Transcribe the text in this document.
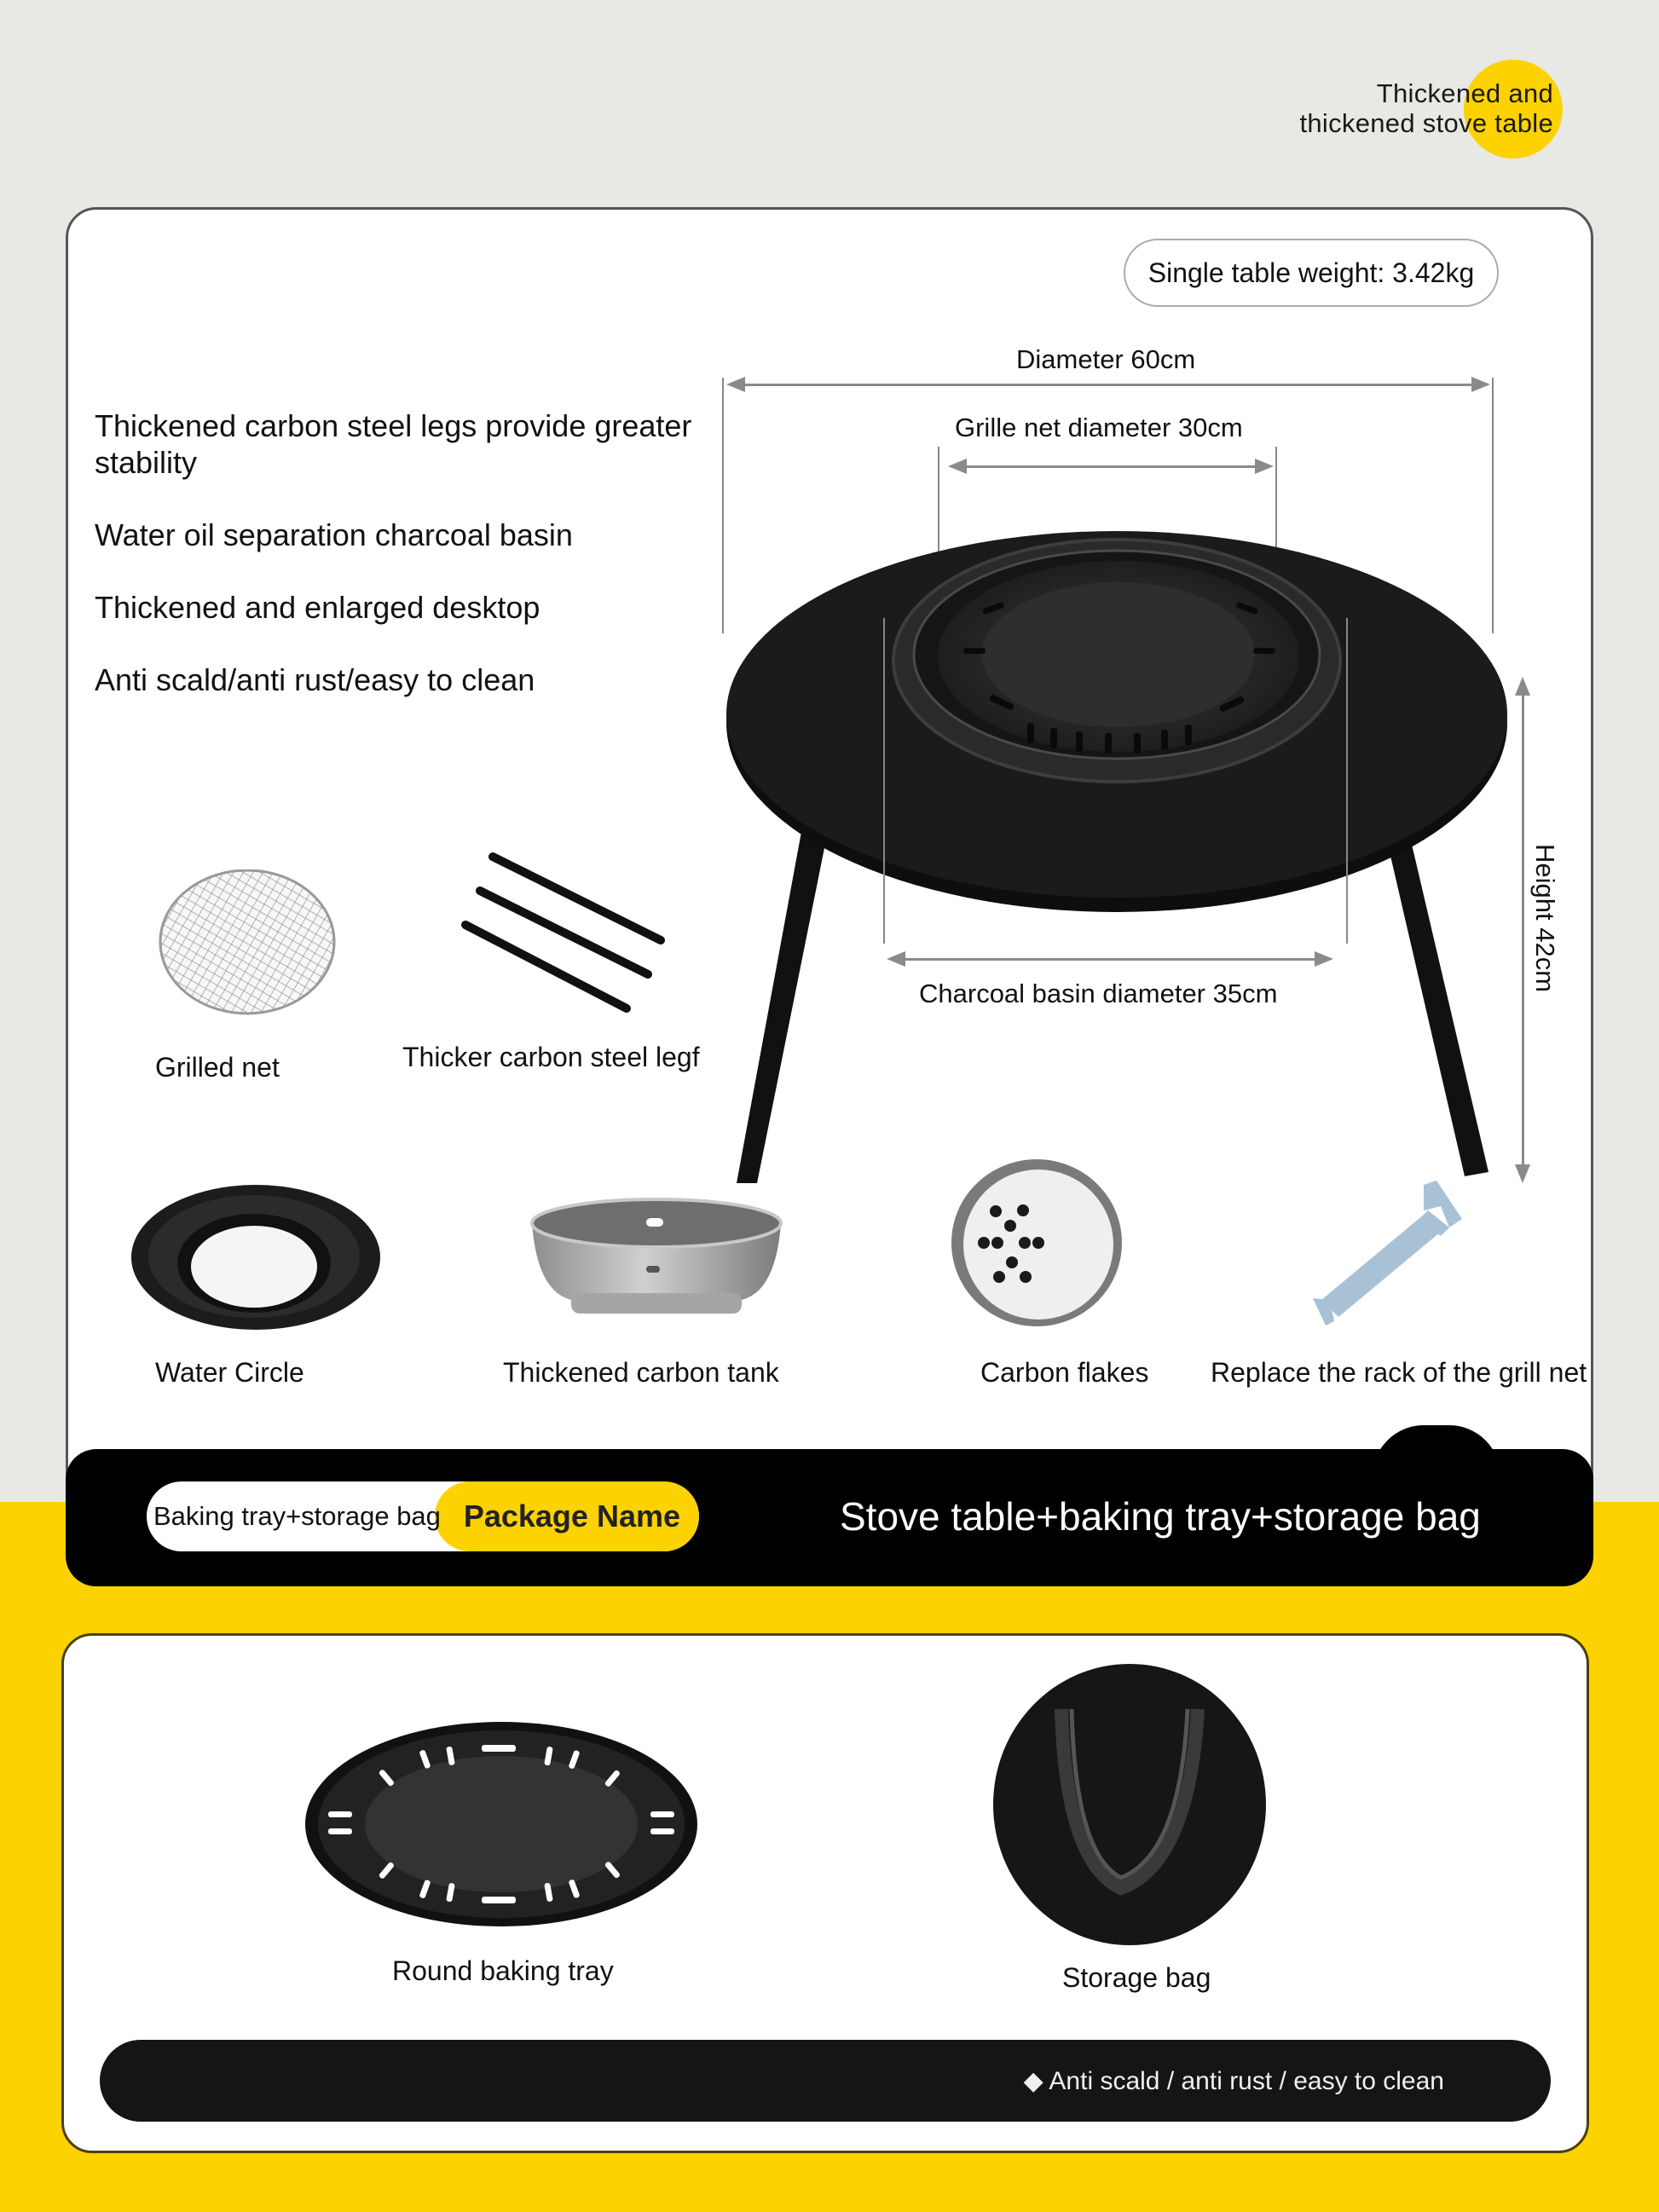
Thickened and
thickened stove table
Single table weight: 3.42kg
Thickened carbon steel legs provide greater stability
Water oil separation charcoal basin
Thickened and enlarged desktop
Anti scald/anti rust/easy to clean
Diameter 60cm
Grille net diameter 30cm
Charcoal basin diameter 35cm
Height 42cm
Grilled net	Thicker carbon steel legf
Water Circle	Thickened carbon tank	Carbon flakes Replace the rack of the grill net
Baking tray+storage bag Package Name	Stove table+baking tray+storage bag
Round baking tray	Storage bag
◆ Anti scald / anti rust / easy to clean
